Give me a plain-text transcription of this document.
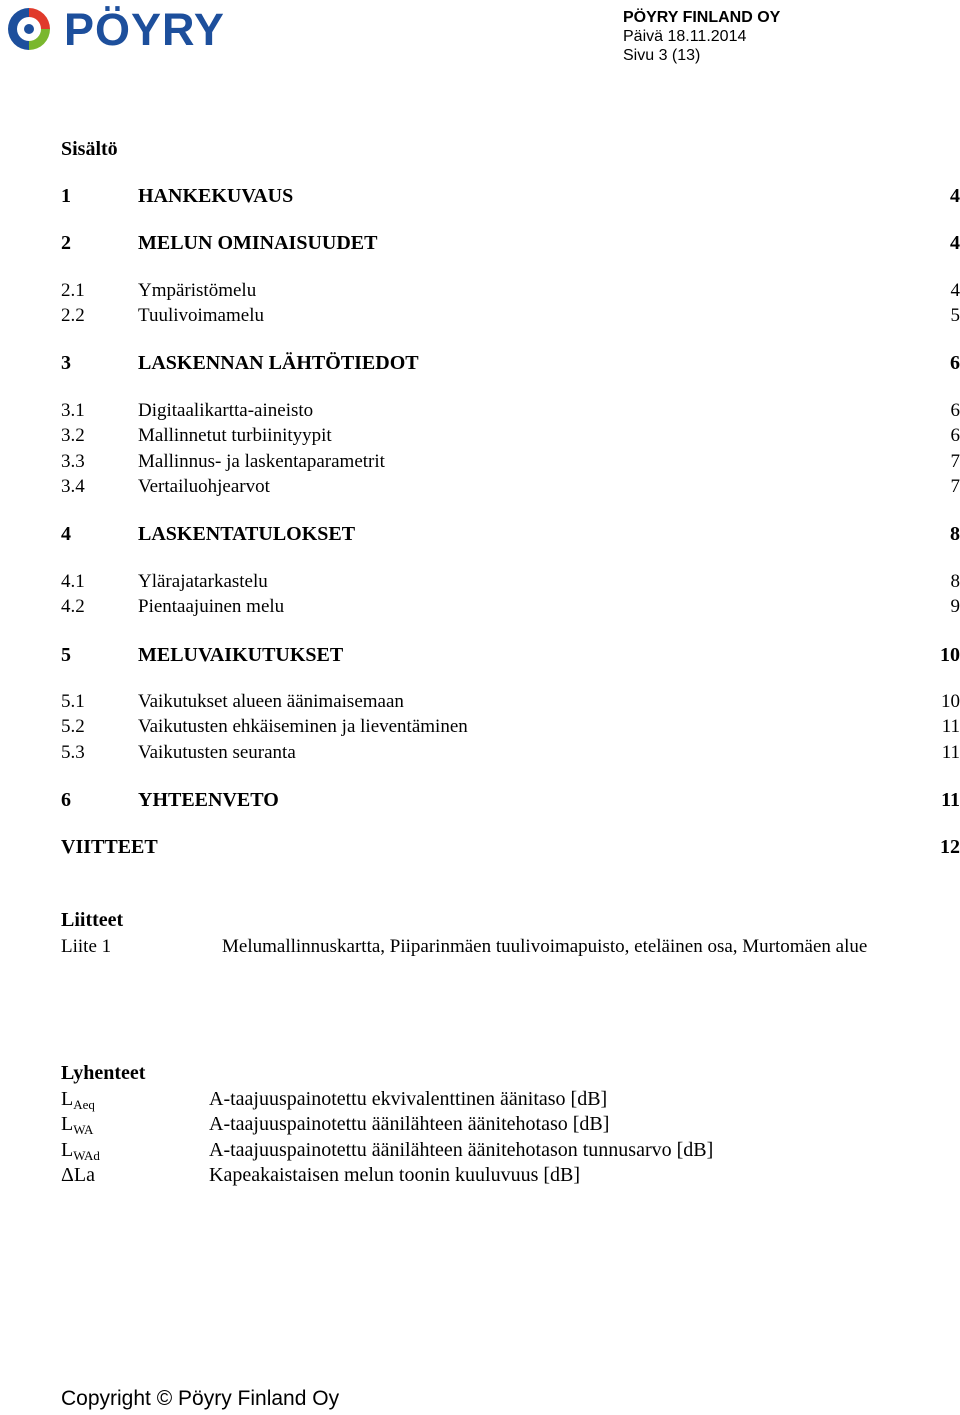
PÖYRY	PÖYRY FINLAND OY
Päivä 18.11.2014
Sivu 3 (13)
Sisältö
1	HANKEKUVAUS	4
2	MELUN OMINAISUUDET	4
2.1	Ympäristömelu	4
2.2	Tuulivoimamelu	5
3	LASKENNAN LÄHTÖTIEDOT	6
3.1	Digitaalikartta-aineisto	6
3.2	Mallinnetut turbiinityypit	6
3.3	Mallinnus- ja laskentaparametrit	7
3.4	Vertailuohjearvot	7
4	LASKENTATULOKSET	8
4.1	Ylärajatarkastelu	8
4.2	Pientaajuinen melu	9
5	MELUVAIKUTUKSET	10
5.1	Vaikutukset alueen äänimaisemaan	10
5.2	Vaikutusten ehkäiseminen ja lieventäminen	11
5.3	Vaikutusten seuranta	11
6	YHTEENVETO	11
VIITTEET	12
Liitteet
Liite 1	Melumallinnuskartta, Piiparinmäen tuulivoimapuisto, eteläinen osa, Murtomäen alue
Lyhenteet
$L_{Aeq}$	A-taajuuspainotettu ekvivalenttinen äänitaso [dB]
$L_{WA}$	A-taajuuspainotettu äänilähteen äänitehotaso [dB]
$L_{WAd}$	A-taajuuspainotettu äänilähteen äänitehotason tunnusarvo [dB]
ΔLa	Kapeakaistaisen melun toonin kuuluvuus [dB]
Copyright © Pöyry Finland Oy
